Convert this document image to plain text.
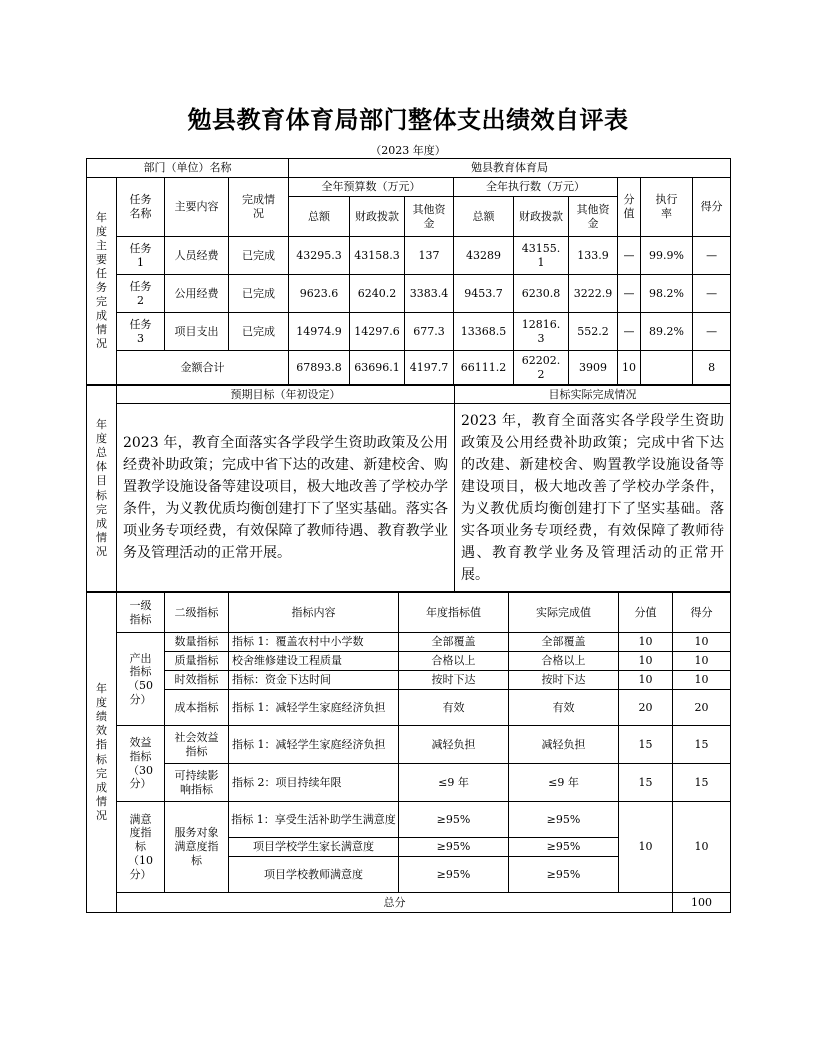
勉县教育体育局部门整体支出绩效自评表
（2023 年度）
部门（单位）名称				勉县教育体育局								

年度主要任务完成情况	任务名称	主要内容	完成情况	全年预算数（万元）			全年执行数（万元）			分值	执行率	得分

				总额	财政拨款	其他资金	总额	财政拨款	其他资金			

	任务1	人员经费	已完成	43295.3	43158.3	137	43289	43155.1	133.9	—	99.9%	—

	任务2	公用经费	已完成	9623.6	6240.2	3383.4	9453.7	6230.8	3222.9	—	98.2%	—

	任务3	项目支出	已完成	14974.9	14297.6	677.3	13368.5	12816.3	552.2	—	89.2%	—
	金额合计			67893.8	63696.1	4197.7	66111.2	62202.2	3909	10		8
年度总体目标完成情况	预期目标（年初设定）	目标实际完成情况
	2023 年，教育全面落实各学段学生资助政策及公用经费补助政策；完成中省下达的改建、新建校舍、购置教学设施设备等建设项目，极大地改善了学校办学条件，为义教优质均衡创建打下了坚实基础。落实各项业务专项经费，有效保障了教师待遇、教育教学业务及管理活动的正常开展。	2023 年，教育全面落实各学段学生资助政策及公用经费补助政策；完成中省下达的改建、新建校舍、购置教学设施设备等建设项目，极大地改善了学校办学条件，为义教优质均衡创建打下了坚实基础。落实各项业务专项经费，有效保障了教师待遇、教育教学业务及管理活动的正常开展。
年度绩效指标完成情况	一级指标	二级指标	指标内容	年度指标值	实际完成值	分值	得分	

	产出指标（50分）	数量指标	指标 1：覆盖农村中小学数	全部覆盖	全部覆盖	10	10	
		质量指标	校舍维修建设工程质量	合格以上	合格以上	10	10	
		时效指标	指标：资金下达时间	按时下达	按时下达	10	10	
		成本指标	指标 1：减轻学生家庭经济负担	有效	有效	20	20	

	效益指标（30分）	社会效益指标	指标 1：减轻学生家庭经济负担	减轻负担	减轻负担	15	15	

		可持续影响指标	指标 2：项目持续年限	≤9 年	≤9 年	15	15	

	满意度指标（10分）	服务对象满意度指标	指标 1：享受生活补助学生满意度	≥95%	≥95%	10	10	
			项目学校学生家长满意度	≥95%	≥95%			
			项目学校教师满意度	≥95%	≥95%			
	总分						100	
